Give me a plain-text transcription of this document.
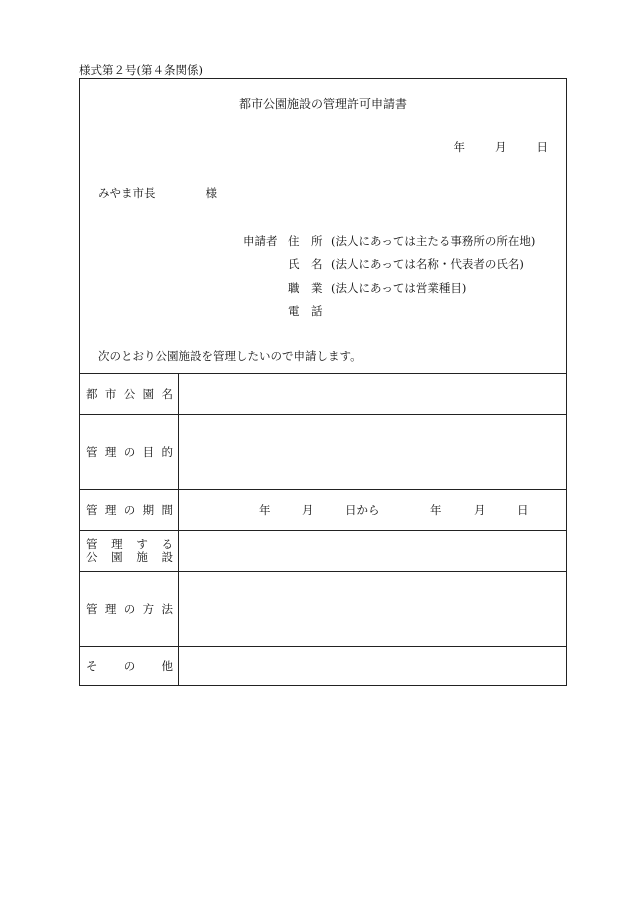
様式第２号(第４条関係)
都市公園施設の管理許可申請書
年	月	日
みやま市長	様
申請者 住　所 (法人にあっては主たる事務所の所在地)
氏　名 (法人にあっては名称・代表者の氏名)
職　業 (法人にあっては営業種目)
電　話
次のとおり公園施設を管理したいので申請します。
都市公園名
管理の目的
管理の期間	年	月	日から	年	月	日
管理する
公園施設
管理の方法
その他
